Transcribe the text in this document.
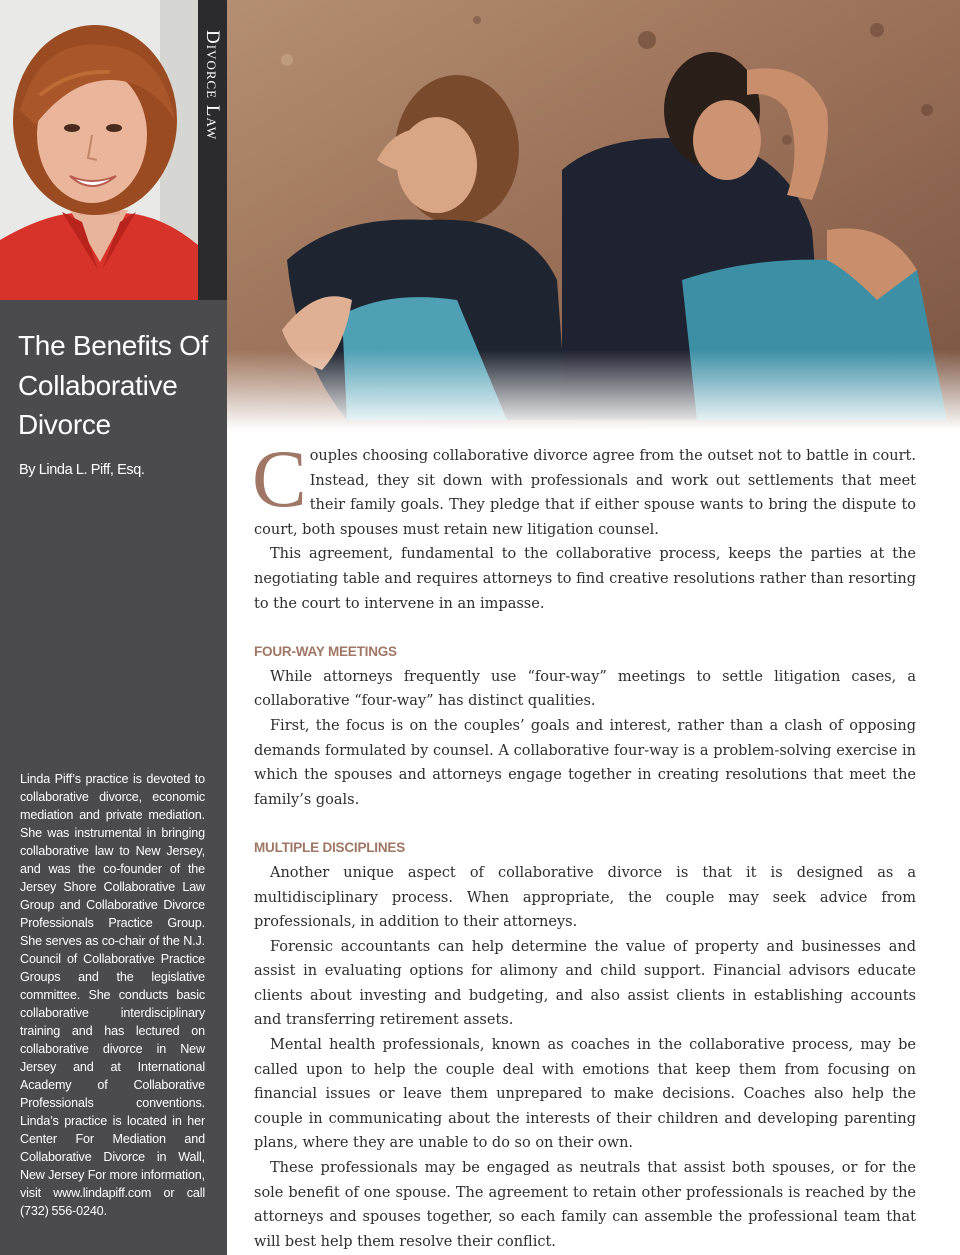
Divorce Law
The Benefits Of Collaborative Divorce
By Linda L. Piff, Esq.

Linda Piff’s practice is devoted to collaborative divorce, economic mediation and private mediation. She was instrumental in bringing collaborative law to New Jersey, and was the co-founder of the Jersey Shore Collaborative Law Group and Collaborative Divorce Professionals Practice Group. She serves as co-chair of the N.J. Council of Collaborative Practice Groups and the legislative committee. She conducts basic collaborative interdisciplinary training and has lectured on collaborative divorce in New Jersey and at International Academy of Collaborative Professionals conventions. Linda’s practice is located in her Center For Mediation and Collaborative Divorce in Wall, New Jersey For more information, visit www.lindapiff.com or call (732) 556-0240.

Couples choosing collaborative divorce agree from the outset not to battle in court. Instead, they sit down with professionals and work out settlements that meet their family goals. They pledge that if either spouse wants to bring the dispute to court, both spouses must retain new litigation counsel.

This agreement, fundamental to the collaborative process, keeps the parties at the negotiating table and requires attorneys to find creative resolutions rather than resorting to the court to intervene in an impasse.

FOUR-WAY MEETINGS

While attorneys frequently use “four-way” meetings to settle litigation cases, a collaborative “four-way” has distinct qualities.

First, the focus is on the couples’ goals and interest, rather than a clash of opposing demands formulated by counsel. A collaborative four-way is a problem-solving exercise in which the spouses and attorneys engage together in creating resolutions that meet the family’s goals.

MULTIPLE DISCIPLINES

Another unique aspect of collaborative divorce is that it is designed as a multidisciplinary process. When appropriate, the couple may seek advice from professionals, in addition to their attorneys.

Forensic accountants can help determine the value of property and businesses and assist in evaluating options for alimony and child support. Financial advisors educate clients about investing and budgeting, and also assist clients in establishing accounts and transferring retirement assets.

Mental health professionals, known as coaches in the collaborative process, may be called upon to help the couple deal with emotions that keep them from focusing on financial issues or leave them unprepared to make decisions. Coaches also help the couple in communicating about the interests of their children and developing parenting plans, where they are unable to do so on their own.

These professionals may be engaged as neutrals that assist both spouses, or for the sole benefit of one spouse. The agreement to retain other professionals is reached by the attorneys and spouses together, so each family can assemble the professional team that will best help them resolve their conflict.
